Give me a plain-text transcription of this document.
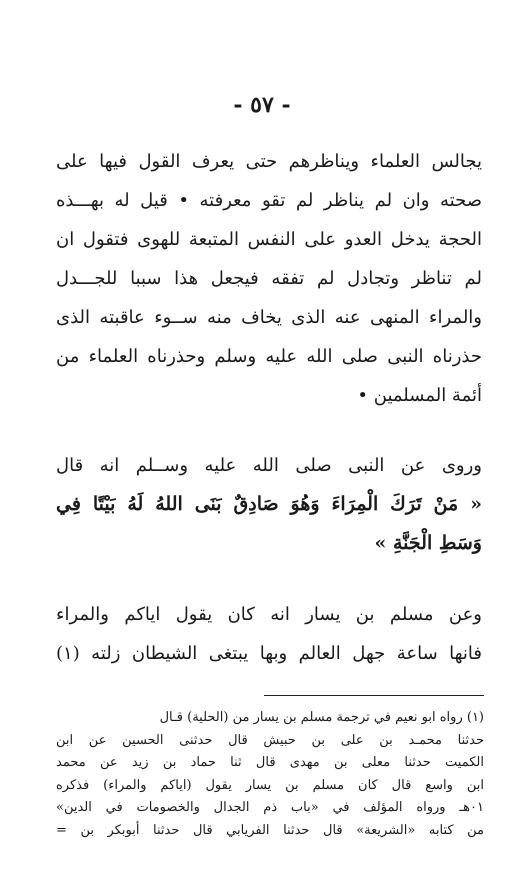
- ٥٧ -
يجالس العلماء ويناظرهم حتى يعرف القول فيها على
صحته وان لم يناظر لم تقو معرفته • قيل له بهـــذه
الحجة يدخل العدو على النفس المتبعة للهوى فتقول ان
لم تناظر وتجادل لم تفقه فيجعل هذا سببا للجـــدل
والمراء المنهى عنه الذى يخاف منه ســوء عاقبته الذى
حذرناه النبى صلى الله عليه وسلم وحذرناه العلماء من
أئمة المسلمين •
وروى عن النبى صلى الله عليه وســلم انه قال
« مَنْ تَرَكَ الْمِرَاءَ وَهُوَ صَادِقٌ بَنَى اللهُ لَهُ بَيْتًا فِي
وَسَطِ الْجَنَّةِ »
وعن مسلم بن يسار انه كان يقول اياكم والمراء
فانها ساعة جهل العالم وبها يبتغى الشيطان زلته (١)
(١) رواه ابو نعيم في ترجمة مسلم بن يسار من (الحلية) قـال
حدثنا محمـد بن على بن حبيش قال حدثنى الحسين عن ابن
الكميت حدثنا معلى بن مهدى قال ثنا حماد بن زيد عن محمد
ابن واسع قال كان مسلم بن يسار يقول (اياكم والمراء) فذكره
٠١هـ ورواه المؤلف في «باب ذم الجدال والخصومات في الدين»
من كتابه «الشريعة» قال حدثنا الفريابي قال حدثنا أبوبكر بن =
